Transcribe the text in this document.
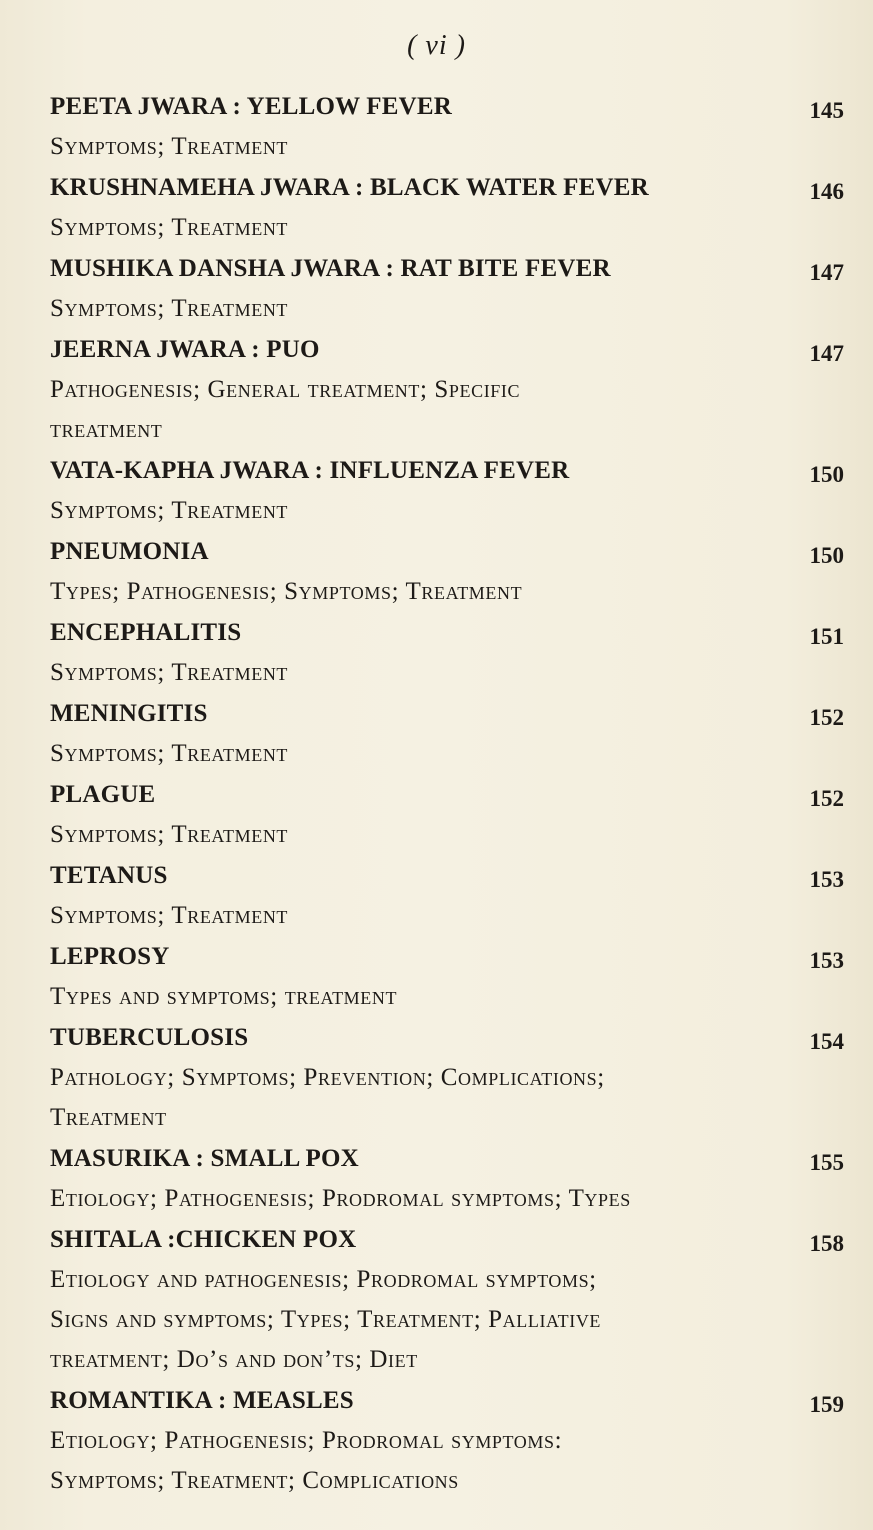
( vi )
PEETA JWARA : YELLOW FEVER	145
Symptoms; Treatment
KRUSHNAMEHA JWARA : BLACK WATER FEVER	146
Symptoms; Treatment
MUSHIKA DANSHA JWARA : RAT BITE FEVER	147
Symptoms; Treatment
JEERNA JWARA : PUO	147
Pathogenesis; General treatment; Specific
treatment
VATA-KAPHA JWARA : INFLUENZA FEVER	150
Symptoms; Treatment
PNEUMONIA	150
Types; Pathogenesis; Symptoms; Treatment
ENCEPHALITIS	151
Symptoms; Treatment
MENINGITIS	152
Symptoms; Treatment
PLAGUE	152
Symptoms; Treatment
TETANUS	153
Symptoms; Treatment
LEPROSY	153
Types and symptoms; treatment
TUBERCULOSIS	154
Pathology; Symptoms; Prevention; Complications;
Treatment
MASURIKA : SMALL POX	155
Etiology; Pathogenesis; Prodromal symptoms; Types
SHITALA :CHICKEN POX	158
Etiology and pathogenesis; Prodromal symptoms;
Signs and symptoms; Types; Treatment; Palliative
treatment; Do’s and don’ts; Diet
ROMANTIKA : MEASLES	159
Etiology; Pathogenesis; Prodromal symptoms:
Symptoms; Treatment; Complications
